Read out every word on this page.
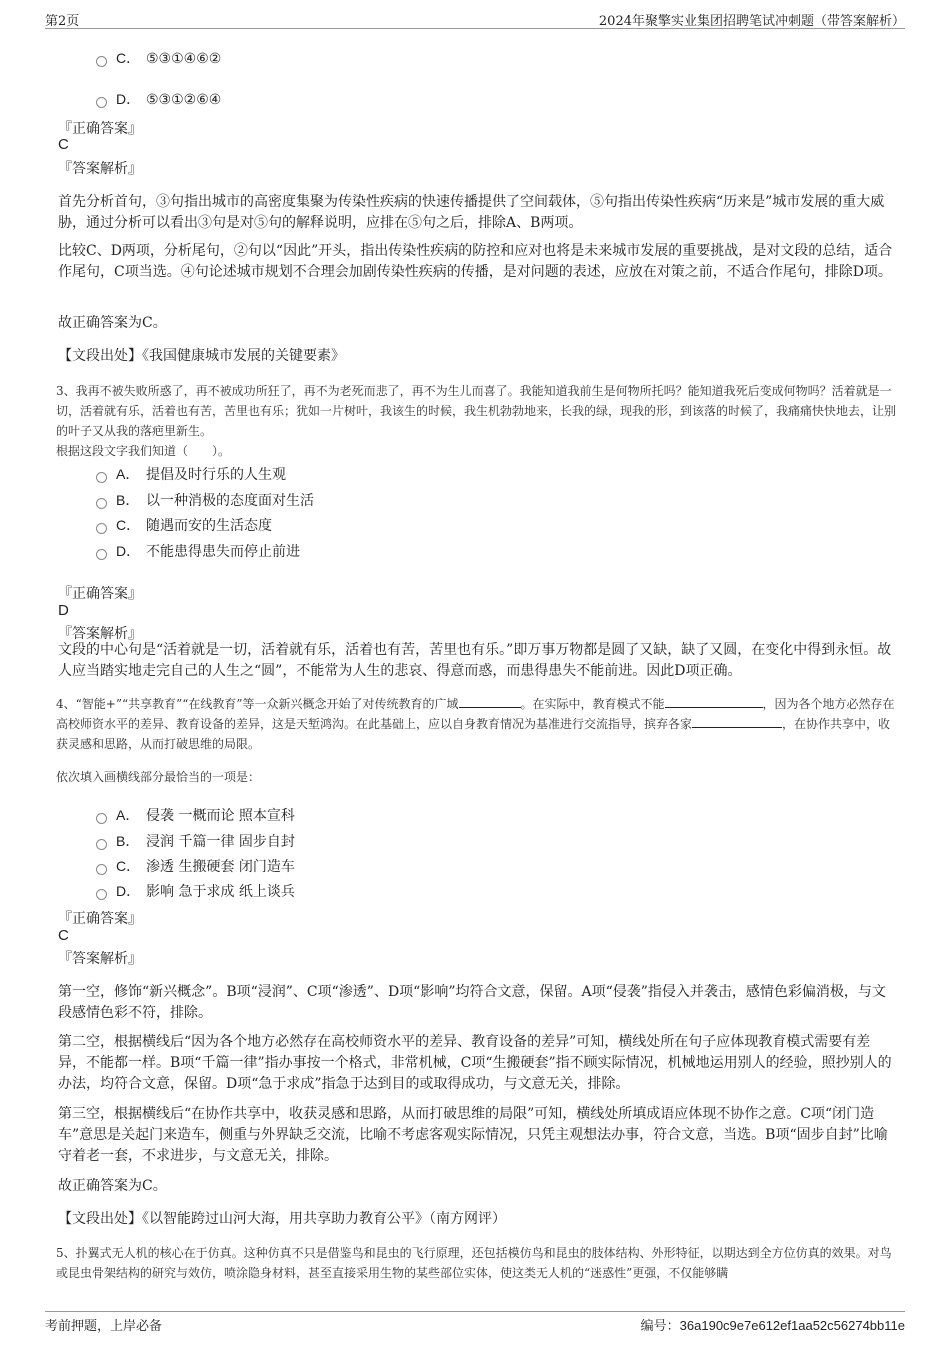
第2页	2024年聚擎实业集团招聘笔试冲刺题（带答案解析）
C． ⑤③①④⑥②
D． ⑤③①②⑥④
『正确答案』
C
『答案解析』
首先分析首句，③句指出城市的高密度集聚为传染性疾病的快速传播提供了空间载体，⑤句指出传染性疾病“历来是”城市发展的重大威胁，通过分析可以看出③句是对⑤句的解释说明，应排在⑤句之后，排除A、B两项。
比较C、D两项，分析尾句，②句以“因此”开头，指出传染性疾病的防控和应对也将是未来城市发展的重要挑战，是对文段的总结，适合作尾句，C项当选。④句论述城市规划不合理会加剧传染性疾病的传播，是对问题的表述，应放在对策之前，不适合作尾句，排除D项。
故正确答案为C。
【文段出处】《我国健康城市发展的关键要素》
3、我再不被失败所惑了，再不被成功所狂了，再不为老死而悲了，再不为生儿而喜了。我能知道我前生是何物所托吗？能知道我死后变成何物吗？活着就是一切，活着就有乐，活着也有苦，苦里也有乐；犹如一片树叶，我该生的时候，我生机勃勃地来，长我的绿，现我的形，到该落的时候了，我痛痛快快地去，让别的叶子又从我的落疤里新生。
根据这段文字我们知道（　　）。
A． 提倡及时行乐的人生观
B． 以一种消极的态度面对生活
C． 随遇而安的生活态度
D． 不能患得患失而停止前进
『正确答案』
D
『答案解析』
文段的中心句是“活着就是一切，活着就有乐，活着也有苦，苦里也有乐。”即万事万物都是圆了又缺，缺了又圆，在变化中得到永恒。故人应当踏实地走完自己的人生之“圆”，不能常为人生的悲哀、得意而惑，而患得患失不能前进。因此D项正确。
4、“智能+”“共享教育”“在线教育”等一众新兴概念开始了对传统教育的广域	。在实际中，教育模式不能	，因为各个地方必然存在高校师资水平的差异、教育设备的差异，这是天堑鸿沟。在此基础上，应以自身教育情况为基准进行交流指导，摈弃各家	，在协作共享中，收获灵感和思路，从而打破思维的局限。
依次填入画横线部分最恰当的一项是：
A． 侵袭 一概而论 照本宣科
B． 浸润 千篇一律 固步自封
C． 渗透 生搬硬套 闭门造车
D． 影响 急于求成 纸上谈兵
『正确答案』
C
『答案解析』
第一空，修饰“新兴概念”。B项“浸润”、C项“渗透”、D项“影响”均符合文意，保留。A项“侵袭”指侵入并袭击，感情色彩偏消极，与文段感情色彩不符，排除。
第二空，根据横线后“因为各个地方必然存在高校师资水平的差异、教育设备的差异”可知，横线处所在句子应体现教育模式需要有差异，不能都一样。B项“千篇一律”指办事按一个格式，非常机械，C项“生搬硬套”指不顾实际情况，机械地运用别人的经验，照抄别人的办法，均符合文意，保留。D项“急于求成”指急于达到目的或取得成功，与文意无关，排除。
第三空，根据横线后“在协作共享中，收获灵感和思路，从而打破思维的局限”可知，横线处所填成语应体现不协作之意。C项“闭门造车”意思是关起门来造车，侧重与外界缺乏交流，比喻不考虑客观实际情况，只凭主观想法办事，符合文意，当选。B项“固步自封”比喻守着老一套，不求进步，与文意无关，排除。
故正确答案为C。
【文段出处】《以智能跨过山河大海，用共享助力教育公平》（南方网评）
5、扑翼式无人机的核心在于仿真。这种仿真不只是借鉴鸟和昆虫的飞行原理，还包括模仿鸟和昆虫的肢体结构、外形特征，以期达到全方位仿真的效果。对鸟或昆虫骨架结构的研究与效仿，喷涂隐身材料，甚至直接采用生物的某些部位实体，使这类无人机的“迷惑性”更强，不仅能够瞒
考前押题，上岸必备	编号：36a190c9e7e612ef1aa52c56274bb11e
